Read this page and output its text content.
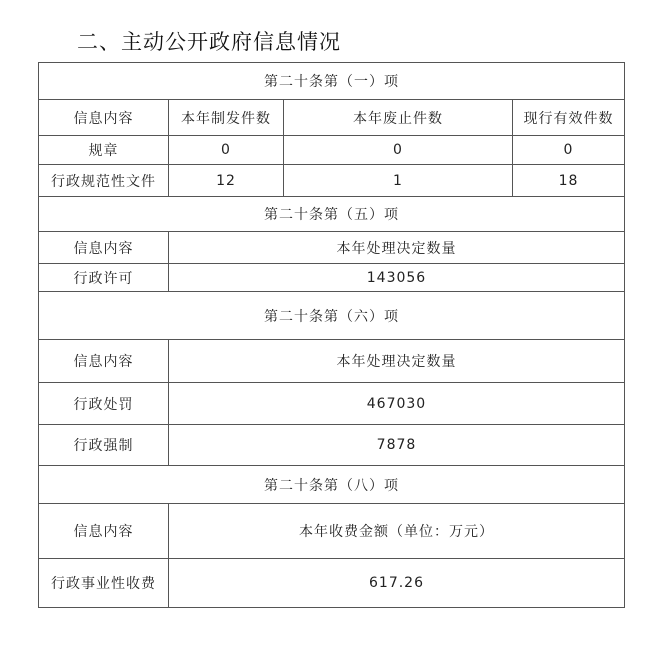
二、主动公开政府信息情况
第二十条第（一）项			
信息内容	本年制发件数	本年废止件数	现行有效件数
规章	0	0	0
行政规范性文件	12	1	18
第二十条第（五）项			
信息内容	本年处理决定数量		
行政许可	143056		
第二十条第（六）项			
信息内容	本年处理决定数量		
行政处罚	467030		
行政强制	7878		
第二十条第（八）项			
信息内容	本年收费金额（单位：万元）		
行政事业性收费	617.26		
